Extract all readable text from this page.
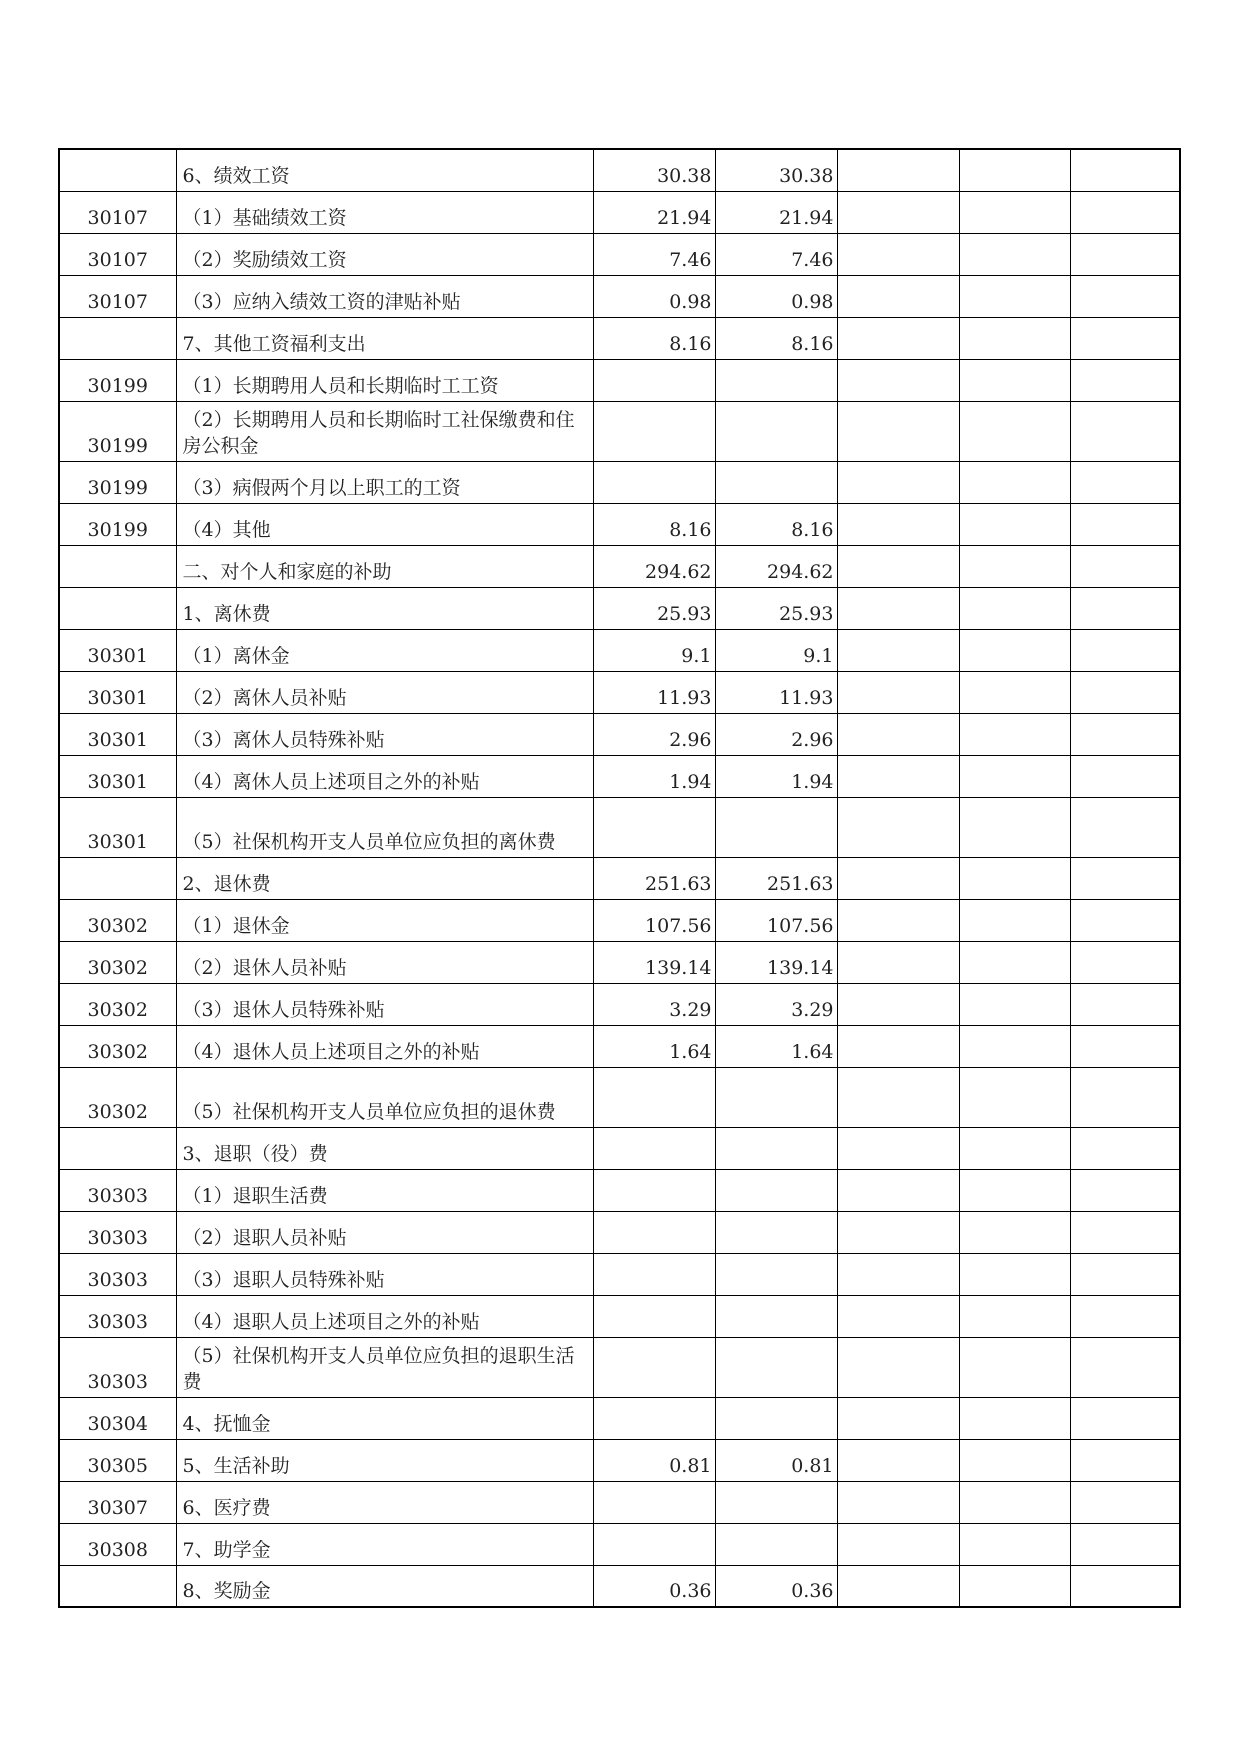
	6、绩效工资	30.38	30.38			
30107	（1）基础绩效工资	21.94	21.94			
30107	（2）奖励绩效工资	7.46	7.46			
30107	（3）应纳入绩效工资的津贴补贴	0.98	0.98			
	7、其他工资福利支出	8.16	8.16			
30199	（1）长期聘用人员和长期临时工工资					
30199	（2）长期聘用人员和长期临时工社保缴费和住房公积金					
30199	（3）病假两个月以上职工的工资					
30199	（4）其他	8.16	8.16			
	二、对个人和家庭的补助	294.62	294.62			
	1、离休费	25.93	25.93			
30301	（1）离休金	9.1	9.1			
30301	（2）离休人员补贴	11.93	11.93			
30301	（3）离休人员特殊补贴	2.96	2.96			
30301	（4）离休人员上述项目之外的补贴	1.94	1.94			
30301	（5）社保机构开支人员单位应负担的离休费					
	2、退休费	251.63	251.63			
30302	（1）退休金	107.56	107.56			
30302	（2）退休人员补贴	139.14	139.14			
30302	（3）退休人员特殊补贴	3.29	3.29			
30302	（4）退休人员上述项目之外的补贴	1.64	1.64			
30302	（5）社保机构开支人员单位应负担的退休费					
	3、退职（役）费					
30303	（1）退职生活费					
30303	（2）退职人员补贴					
30303	（3）退职人员特殊补贴					
30303	（4）退职人员上述项目之外的补贴					
30303	（5）社保机构开支人员单位应负担的退职生活费					
30304	4、抚恤金					
30305	5、生活补助	0.81	0.81			
30307	6、医疗费					
30308	7、助学金					
	8、奖励金	0.36	0.36			
